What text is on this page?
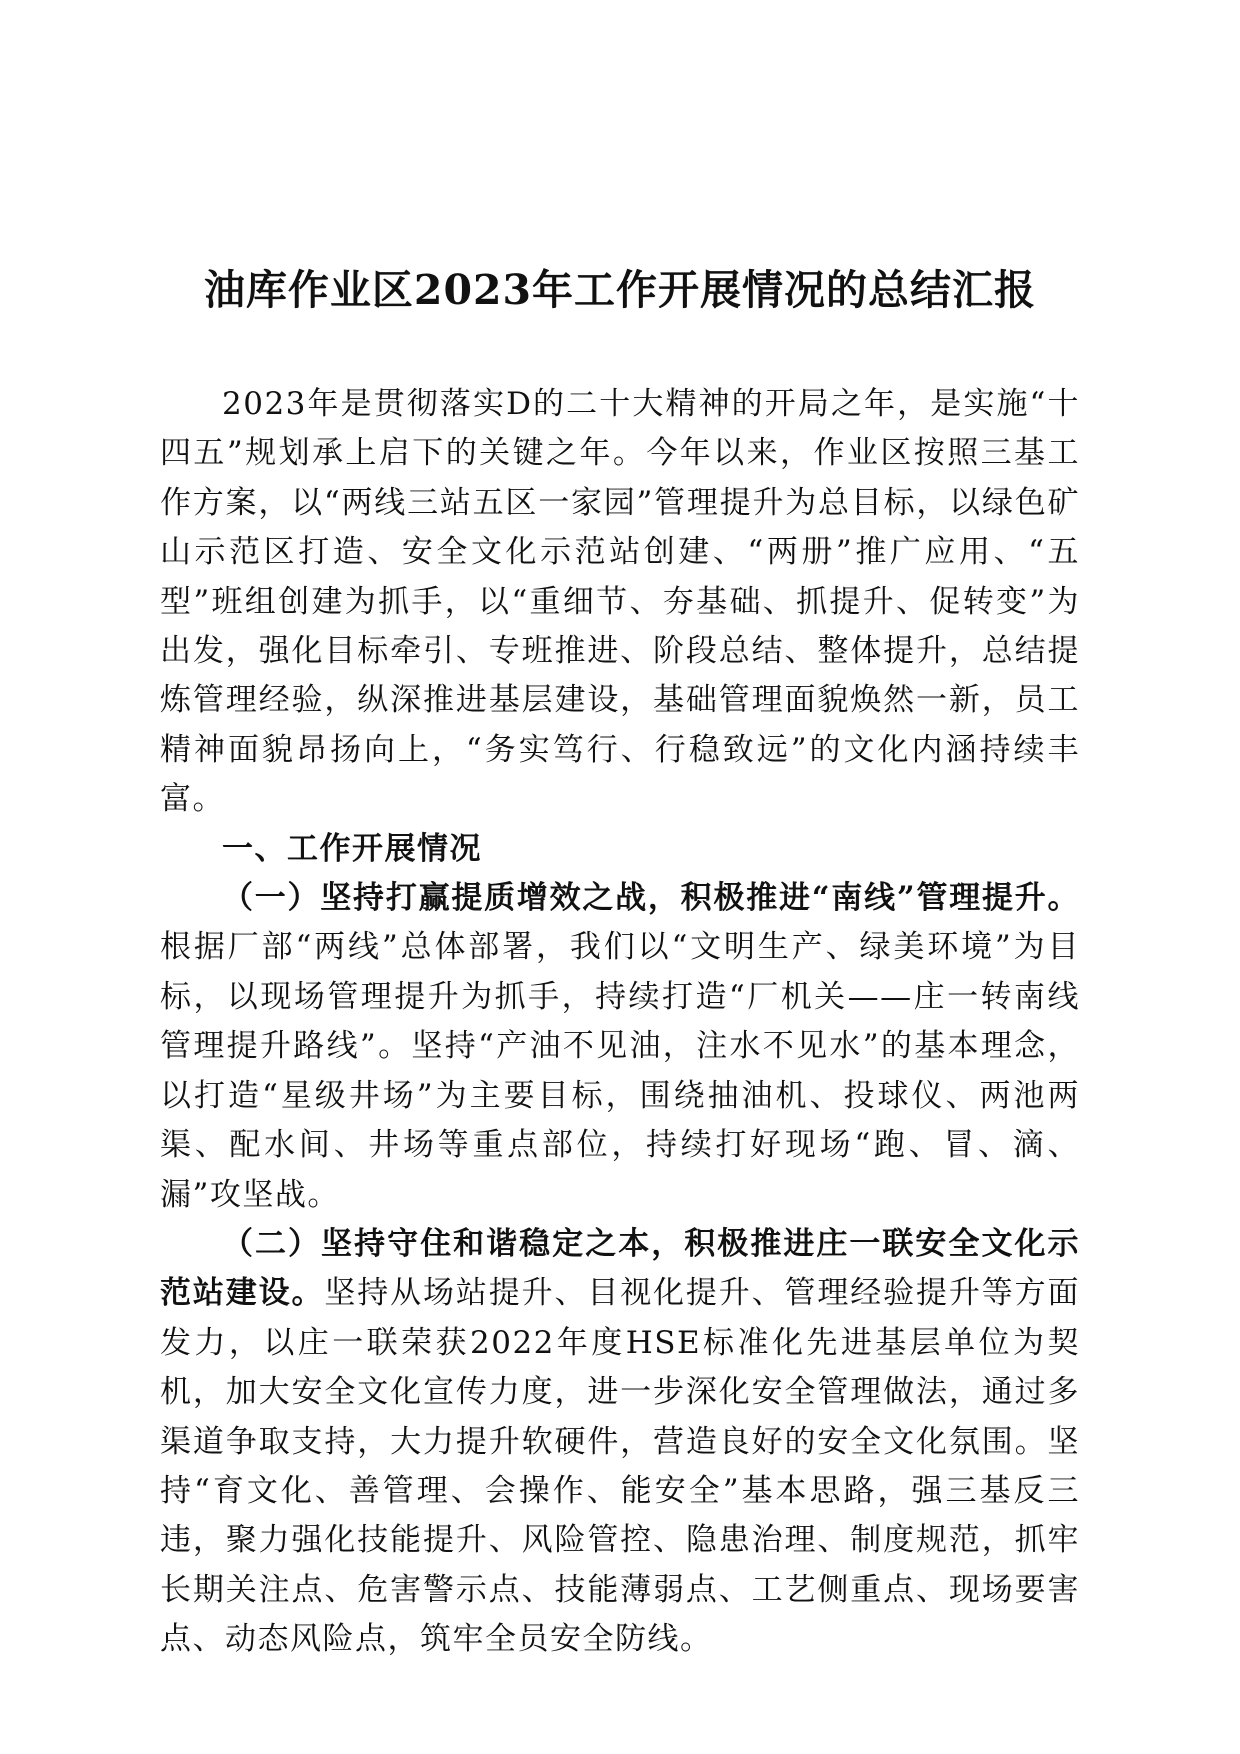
油库作业区2023年工作开展情况的总结汇报

2023年是贯彻落实D的二十大精神的开局之年，是实施“十四五”规划承上启下的关键之年。今年以来，作业区按照三基工作方案，以“两线三站五区一家园”管理提升为总目标，以绿色矿山示范区打造、安全文化示范站创建、“两册”推广应用、“五型”班组创建为抓手，以“重细节、夯基础、抓提升、促转变”为出发，强化目标牵引、专班推进、阶段总结、整体提升，总结提炼管理经验，纵深推进基层建设，基础管理面貌焕然一新，员工精神面貌昂扬向上，“务实笃行、行稳致远”的文化内涵持续丰富。

一、工作开展情况

（一）坚持打赢提质增效之战，积极推进“南线”管理提升。根据厂部“两线”总体部署，我们以“文明生产、绿美环境”为目标，以现场管理提升为抓手，持续打造“厂机关——庄一转南线管理提升路线”。坚持“产油不见油，注水不见水”的基本理念，以打造“星级井场”为主要目标，围绕抽油机、投球仪、两池两渠、配水间、井场等重点部位，持续打好现场“跑、冒、滴、漏”攻坚战。

（二）坚持守住和谐稳定之本，积极推进庄一联安全文化示范站建设。坚持从场站提升、目视化提升、管理经验提升等方面发力，以庄一联荣获2022年度HSE标准化先进基层单位为契机，加大安全文化宣传力度，进一步深化安全管理做法，通过多渠道争取支持，大力提升软硬件，营造良好的安全文化氛围。坚持“育文化、善管理、会操作、能安全”基本思路，强三基反三违，聚力强化技能提升、风险管控、隐患治理、制度规范，抓牢长期关注点、危害警示点、技能薄弱点、工艺侧重点、现场要害点、动态风险点，筑牢全员安全防线。
